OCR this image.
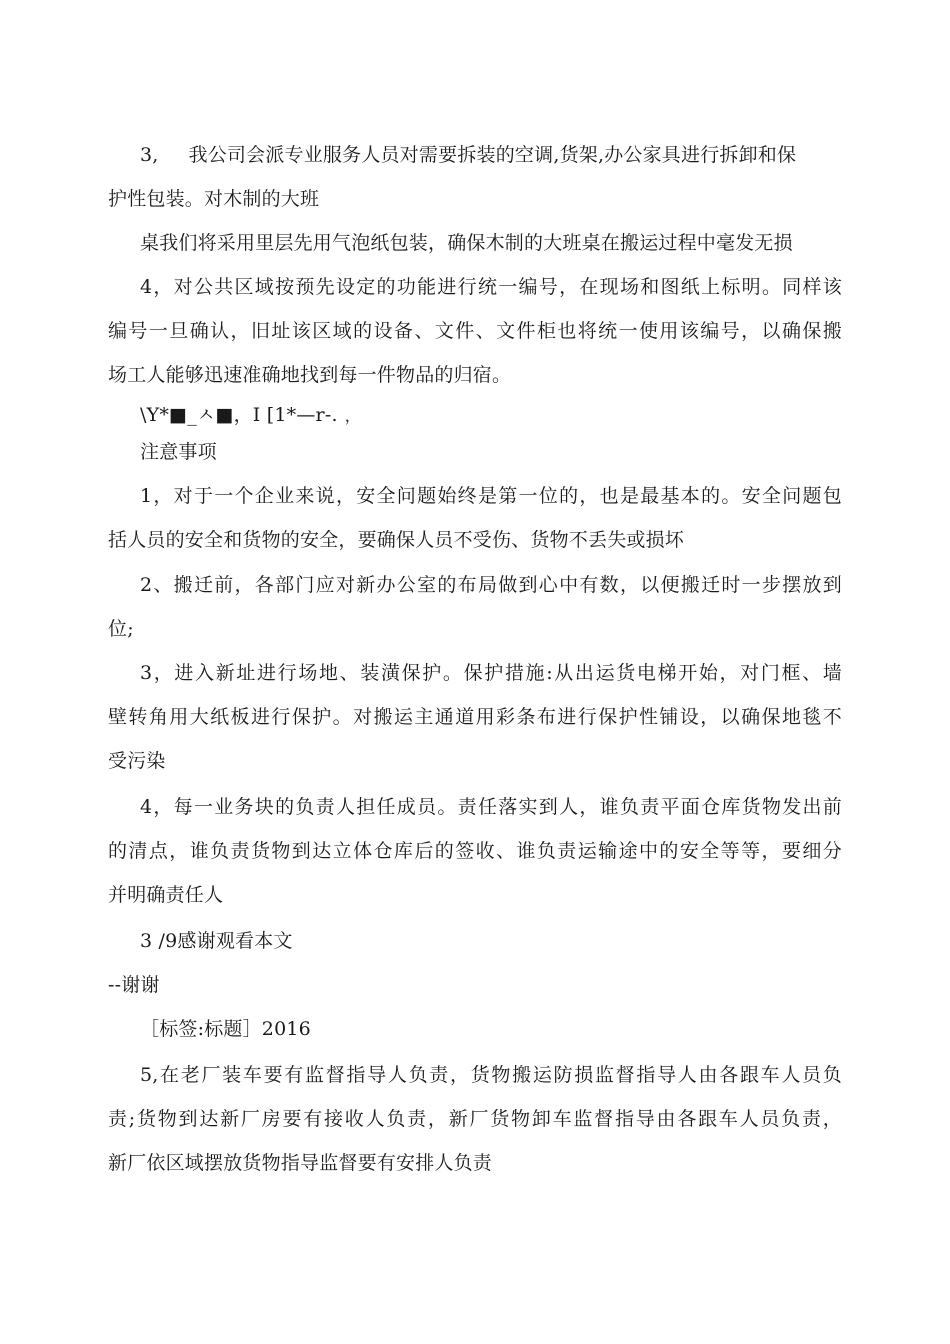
3, 我公司会派专业服务人员对需要拆装的空调,货架,办公家具进行拆卸和保
护性包装。对木制的大班
桌我们将采用里层先用气泡纸包装，确保木制的大班桌在搬运过程中毫发无损
4，对公共区域按预先设定的功能进行统一编号，在现场和图纸上标明。同样该
编号一旦确认，旧址该区域的设备、文件、文件柜也将统一使用该编号，以确保搬
场工人能够迅速准确地找到每一件物品的归宿。
\Y*■_ㅅ■，I [1*—r-.﹐
注意事项
1，对于一个企业来说，安全问题始终是第一位的，也是最基本的。安全问题包
括人员的安全和货物的安全，要确保人员不受伤、货物不丢失或损坏
2、搬迁前，各部门应对新办公室的布局做到心中有数，以便搬迁时一步摆放到
位;
3，进入新址进行场地、装潢保护。保护措施:从出运货电梯开始，对门框、墙
壁转角用大纸板进行保护。对搬运主通道用彩条布进行保护性铺设，以确保地毯不
受污染
4，每一业务块的负责人担任成员。责任落实到人，谁负责平面仓库货物发出前
的清点，谁负责货物到达立体仓库后的签收、谁负责运输途中的安全等等，要细分
并明确责任人
3 /9感谢观看本文
--谢谢
［标签:标题］2016
5,在老厂装车要有监督指导人负责，货物搬运防损监督指导人由各跟车人员负
责;货物到达新厂房要有接收人负责，新厂货物卸车监督指导由各跟车人员负责，
新厂依区域摆放货物指导监督要有安排人负责
